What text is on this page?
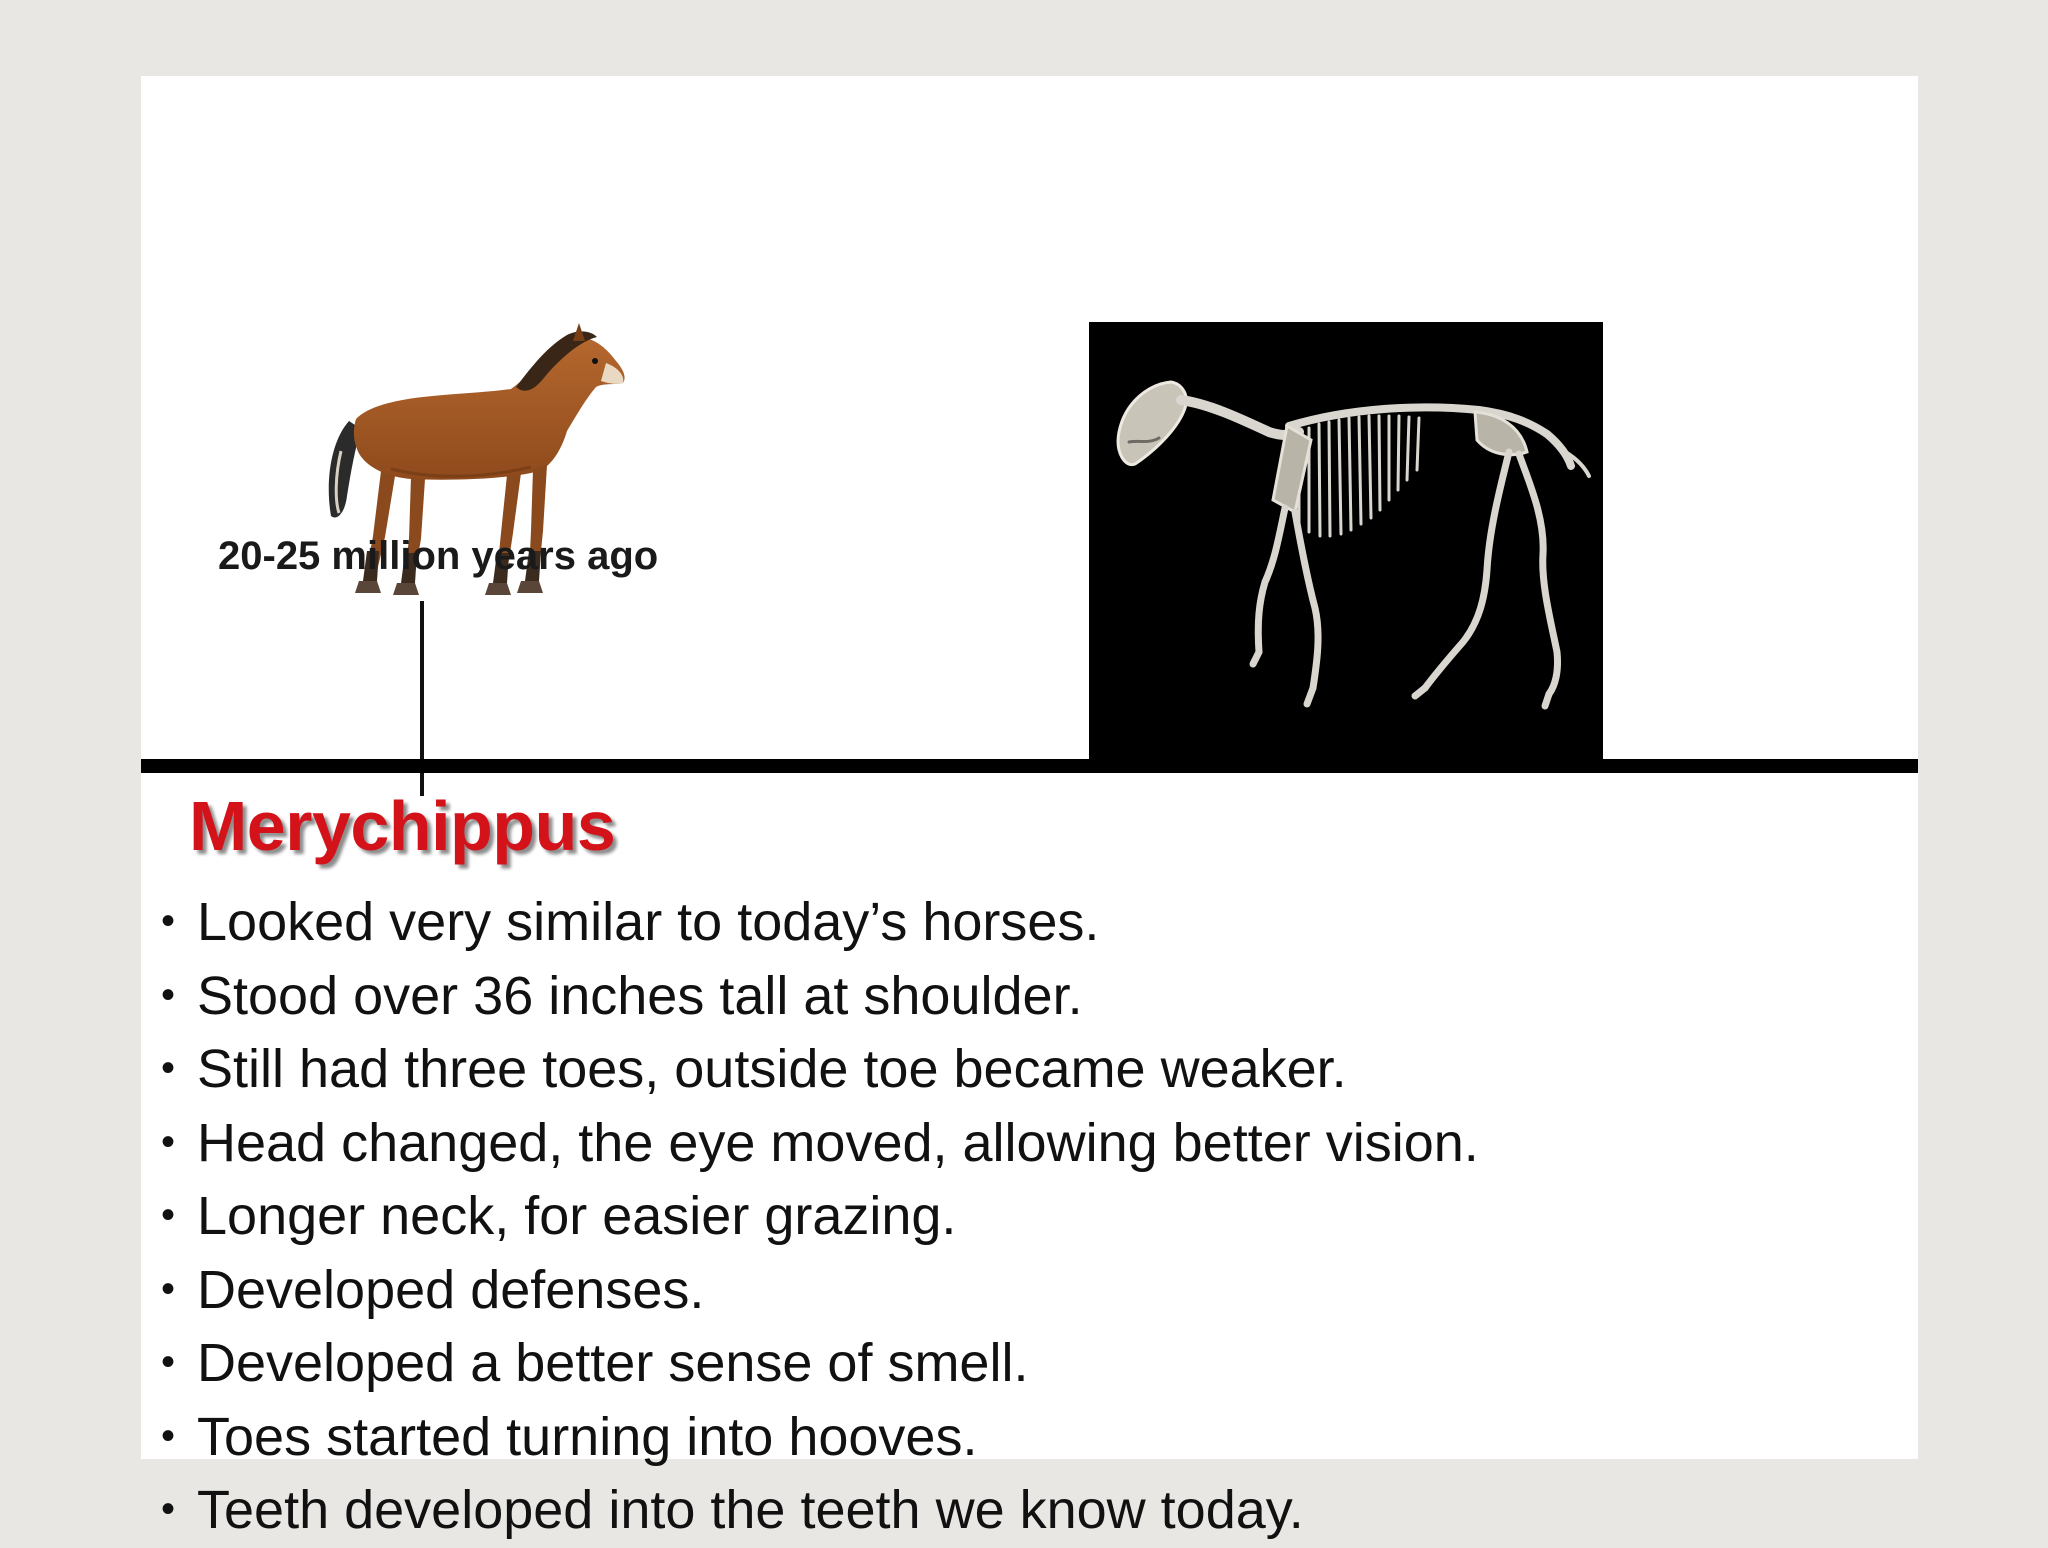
20-25 million years ago
Merychippus
• Looked very similar to today’s horses.
• Stood over 36 inches tall at shoulder.
• Still had three toes, outside toe became weaker.
• Head changed, the eye moved, allowing better vision.
• Longer neck, for easier grazing.
• Developed defenses.
• Developed a better sense of smell.
• Toes started turning into hooves.
• Teeth developed into the teeth we know today.
